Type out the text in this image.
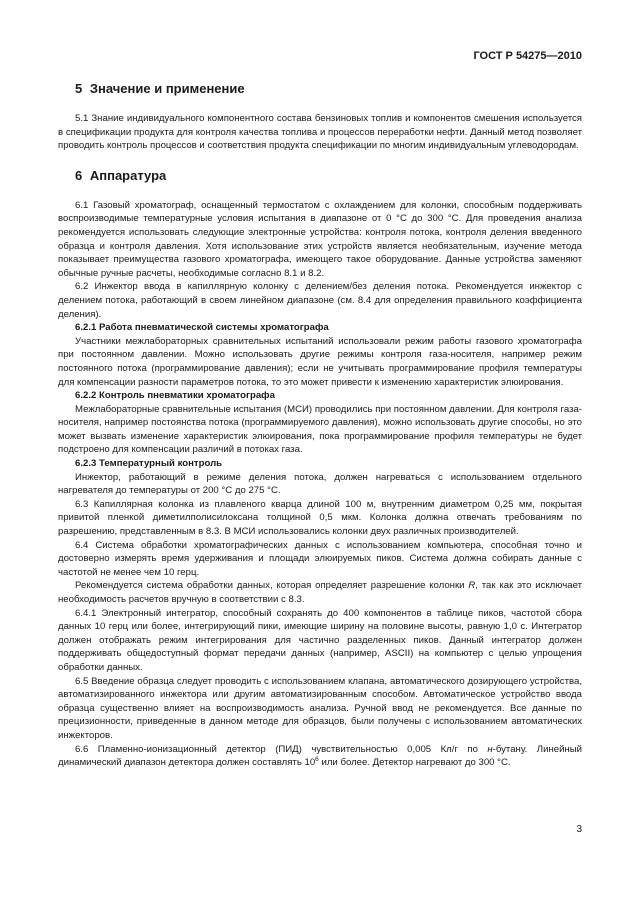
ГОСТ Р 54275—2010
5 Значение и применение

5.1 Знание индивидуального компонентного состава бензиновых топлив и компонентов смешения используется в спецификации продукта для контроля качества топлива и процессов переработки нефти. Данный метод позволяет проводить контроль процессов и соответствия продукта спецификации по многим индивидуальным углеводородам.

6 Аппаратура

6.1 Газовый хроматограф, оснащенный термостатом с охлаждением для колонки, способным поддерживать воспроизводимые температурные условия испытания в диапазоне от 0 °С до 300 °С. Для проведения анализа рекомендуется использовать следующие электронные устройства: контроля потока, контроля деления введенного образца и контроля давления. Хотя использование этих устройств является необязательным, изучение метода показывает преимущества газового хроматографа, имеющего такое оборудование. Данные устройства заменяют обычные ручные расчеты, необходимые согласно 8.1 и 8.2.

6.2 Инжектор ввода в капиллярную колонку с делением/без деления потока. Рекомендуется инжектор с делением потока, работающий в своем линейном диапазоне (см. 8.4 для определения правильного коэффициента деления).

6.2.1 Работа пневматической системы хроматографа

Участники межлабораторных сравнительных испытаний использовали режим работы газового хроматографа при постоянном давлении. Можно использовать другие режимы контроля газа-носителя, например режим постоянного потока (программирование давления); если не учитывать программирование профиля температуры для компенсации разности параметров потока, то это может привести к изменению характеристик элюирования.

6.2.2 Контроль пневматики хроматографа

Межлабораторные сравнительные испытания (МСИ) проводились при постоянном давлении. Для контроля газа-носителя, например постоянства потока (программируемого давления), можно использовать другие способы, но это может вызвать изменение характеристик элюирования, пока программирование профиля температуры не будет подстроено для компенсации различий в потоках газа.

6.2.3 Температурный контроль

Инжектор, работающий в режиме деления потока, должен нагреваться с использованием отдельного нагревателя до температуры от 200 °С до 275 °С.

6.3 Капиллярная колонка из плавленого кварца длиной 100 м, внутренним диаметром 0,25 мм, покрытая привитой пленкой диметилполисилоксана толщиной 0,5 мкм. Колонка должна отвечать требованиям по разрешению, представленным в 8.3. В МСИ использовались колонки двух различных производителей.

6.4 Система обработки хроматографических данных с использованием компьютера, способная точно и достоверно измерять время удерживания и площади элюируемых пиков. Система должна собирать данные с частотой не менее чем 10 герц.

Рекомендуется система обработки данных, которая определяет разрешение колонки R, так как это исключает необходимость расчетов вручную в соответствии с 8.3.

6.4.1 Электронный интегратор, способный сохранять до 400 компонентов в таблице пиков, частотой сбора данных 10 герц или более, интегрирующий пики, имеющие ширину на половине высоты, равную 1,0 с. Интегратор должен отображать режим интегрирования для частично разделенных пиков. Данный интегратор должен поддерживать общедоступный формат передачи данных (например, ASCII) на компьютер с целью упрощения обработки данных.

6.5 Введение образца следует проводить с использованием клапана, автоматического дозирующего устройства, автоматизированного инжектора или другим автоматизированным способом. Автоматическое устройство ввода образца существенно влияет на воспроизводимость анализа. Ручной ввод не рекомендуется. Все данные по прецизионности, приведенные в данном методе для образцов, были получены с использованием автоматических инжекторов.

6.6 Пламенно-ионизационный детектор (ПИД) чувствительностью 0,005 Кл/г по н-бутану. Линейный динамический диапазон детектора должен составлять $10^6$ или более. Детектор нагревают до 300 °С.

3
